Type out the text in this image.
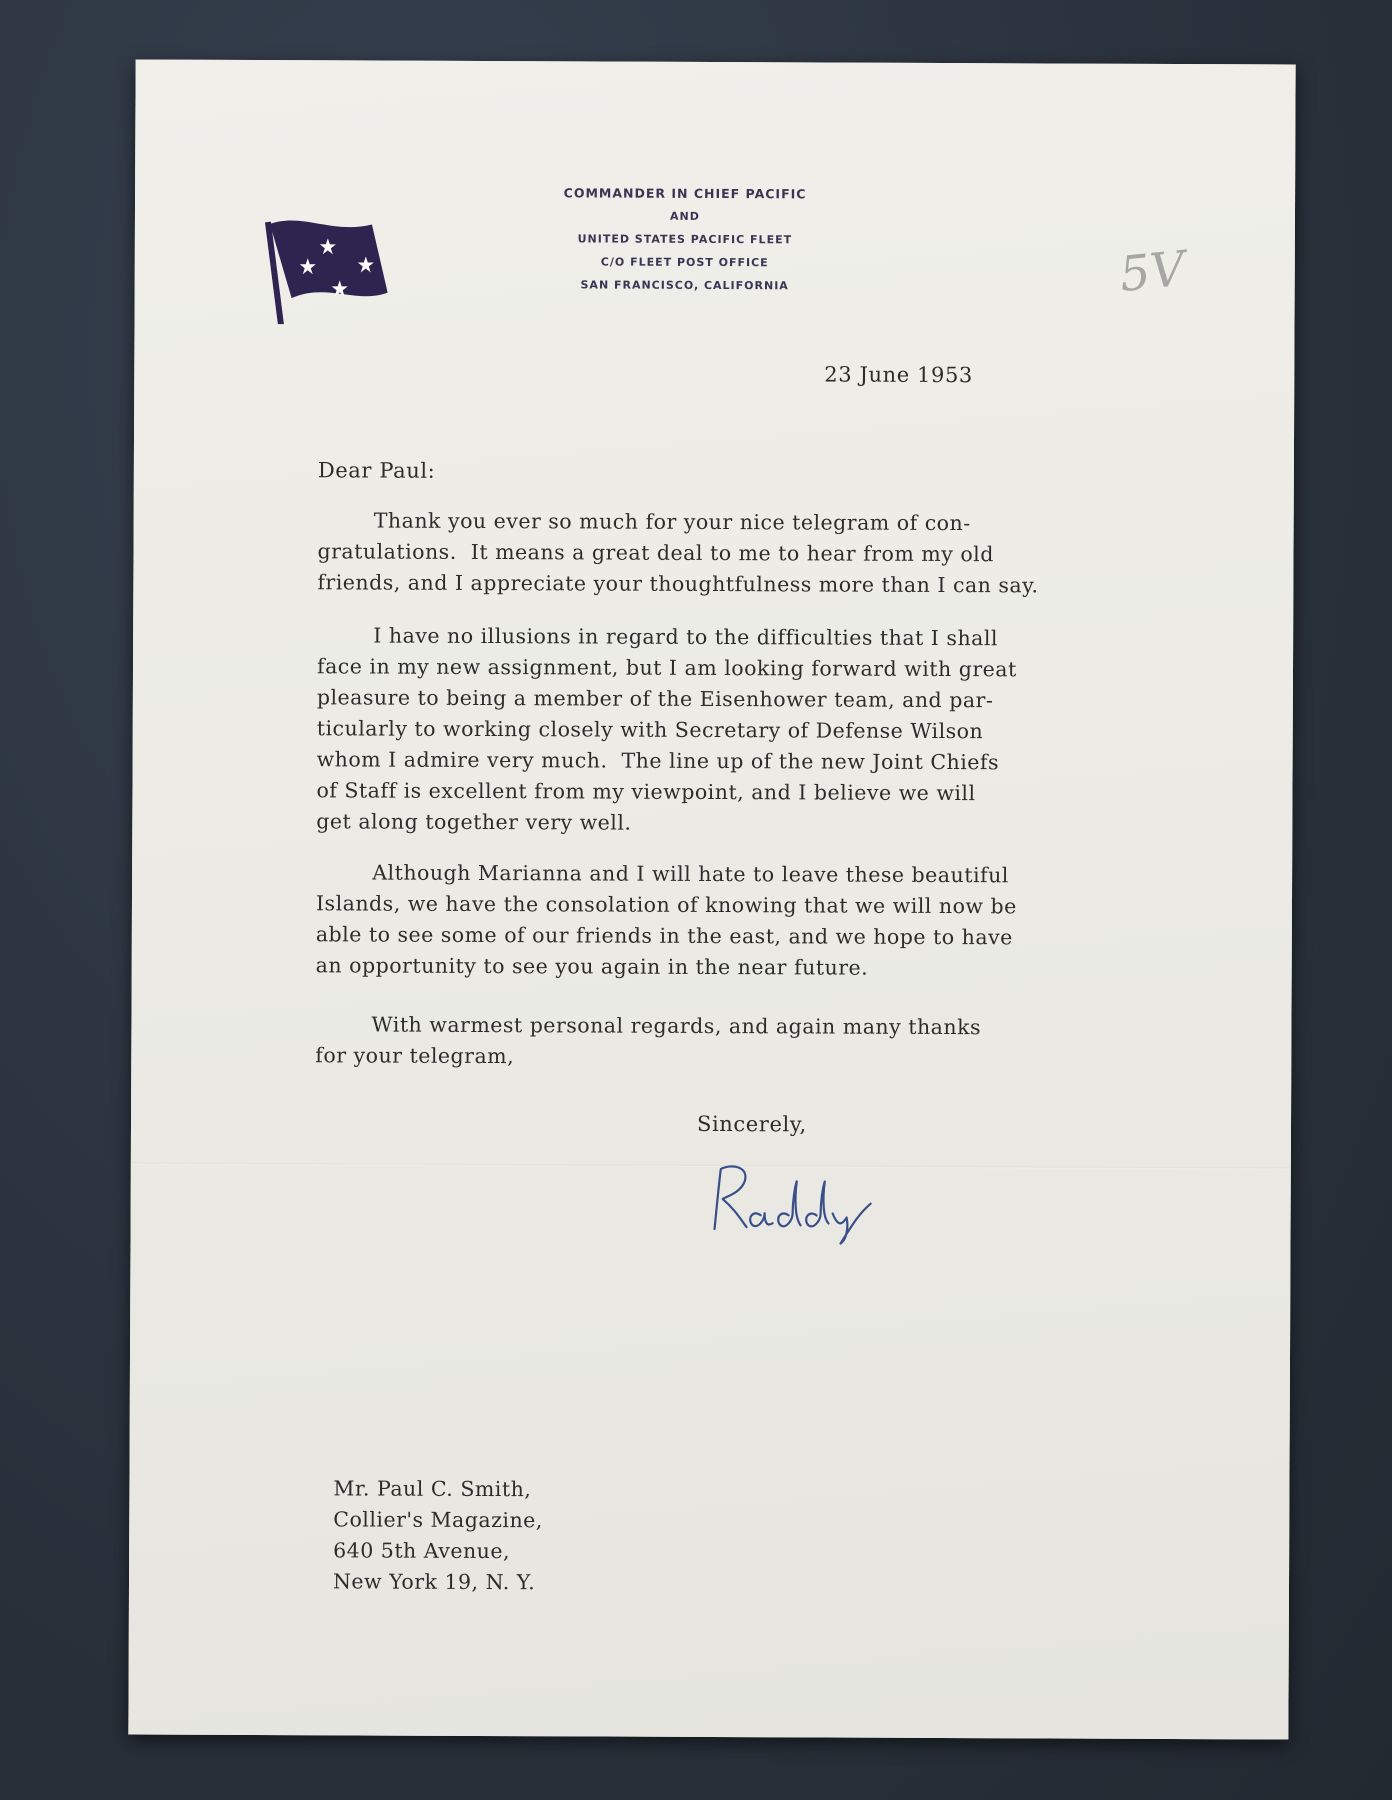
COMMANDER IN CHIEF PACIFIC
AND
UNITED STATES PACIFIC FLEET
C/O FLEET POST OFFICE
SAN FRANCISCO, CALIFORNIA	5V
23 June 1953
Dear Paul:
Thank you ever so much for your nice telegram of con-
gratulations.  It means a great deal to me to hear from my old
friends, and I appreciate your thoughtfulness more than I can say.
I have no illusions in regard to the difficulties that I shall
face in my new assignment, but I am looking forward with great
pleasure to being a member of the Eisenhower team, and par-
ticularly to working closely with Secretary of Defense Wilson
whom I admire very much.  The line up of the new Joint Chiefs
of Staff is excellent from my viewpoint, and I believe we will
get along together very well.
Although Marianna and I will hate to leave these beautiful
Islands, we have the consolation of knowing that we will now be
able to see some of our friends in the east, and we hope to have
an opportunity to see you again in the near future.
With warmest personal regards, and again many thanks
for your telegram,
Sincerely,
Mr. Paul C. Smith,
Collier's Magazine,
640 5th Avenue,
New York 19, N. Y.
